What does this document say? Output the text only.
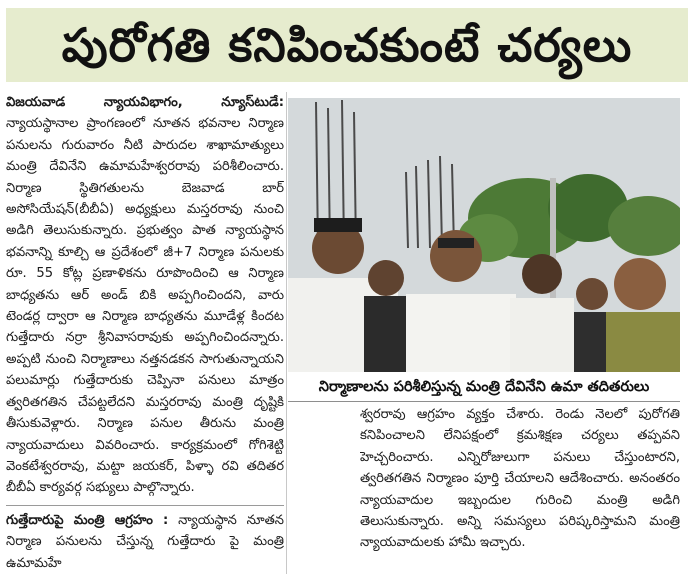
పురోగతి కనిపించకుంటే చర్యలు

విజయవాడ న్యాయవిభాగం, న్యూస్‌టుడే: న్యాయస్థానాల ప్రాంగణంలో నూతన భవనాల నిర్మాణ పనులను గురువారం నీటి పారుదల శాఖామాత్యులు మంత్రి దేవినేని ఉమామహేశ్వరరావు పరిశీలించారు. నిర్మాణ స్థితిగతులను బెజవాడ బార్ అసోసియేషన్(బీబీఏ) అధ్యక్షులు మస్తరరావు నుంచి అడిగి తెలుసుకున్నారు. ప్రభుత్వం పాత న్యాయస్థాన భవనాన్ని కూల్చి ఆ ప్రదేశంలో జీ+7 నిర్మాణ పనులకు రూ. 55 కోట్ల ప్రణాళికను రూపొందించి ఆ నిర్మాణ బాధ్యతను ఆర్ అండ్ బికి అప్పగించిందని, వారు టెండర్ల ద్వారా ఆ నిర్మాణ బాధ్యతను మూడేళ్ల కిందట గుత్తేదారు నర్రా శ్రీనివాసరావుకు అప్పగించిందన్నారు. అప్పటి నుంచి నిర్మాణాలు నత్తనడకన సాగుతున్నాయని పలుమార్లు గుత్తేదారుకు చెప్పినా పనులు మాత్రం త్వరితగతిన చేపట్టలేదని మస్తరరావు మంత్రి దృష్టికి తీసుకువెళ్లారు. నిర్మాణ పనుల తీరును మంత్రి న్యాయవాదులు వివరించారు. కార్యక్రమంలో గోగిశెట్టి వెంకటేశ్వరరావు, మట్టా జయకర్, పిళ్ళా రవి తదితర బీబీఏ కార్యవర్గ సభ్యులు పాల్గొన్నారు.

గుత్తేదారుపై మంత్రి ఆగ్రహం : న్యాయస్థాన నూతన నిర్మాణ పనులను చేస్తున్న గుత్తేదారు పై మంత్రి ఉమామహే

నిర్మాణాలను పరిశీలిస్తున్న మంత్రి దేవినేని ఉమా తదితరులు

శ్వరరావు ఆగ్రహం వ్యక్తం చేశారు. రెండు నెలలో పురోగతి కనిపించాలని లేనిపక్షంలో క్రమశిక్షణ చర్యలు తప్పవని హెచ్చరించారు. ఎన్నిరోజులుగా పనులు చేస్తుంటారని, త్వరితగతిన నిర్మాణం పూర్తి చేయాలని ఆదేశించారు. అనంతరం న్యాయవాదుల ఇబ్బందుల గురించి మంత్రి అడిగి తెలుసుకున్నారు. అన్ని సమస్యలు పరిష్కరిస్తామని మంత్రి న్యాయవాదులకు హామీ ఇచ్చారు.
